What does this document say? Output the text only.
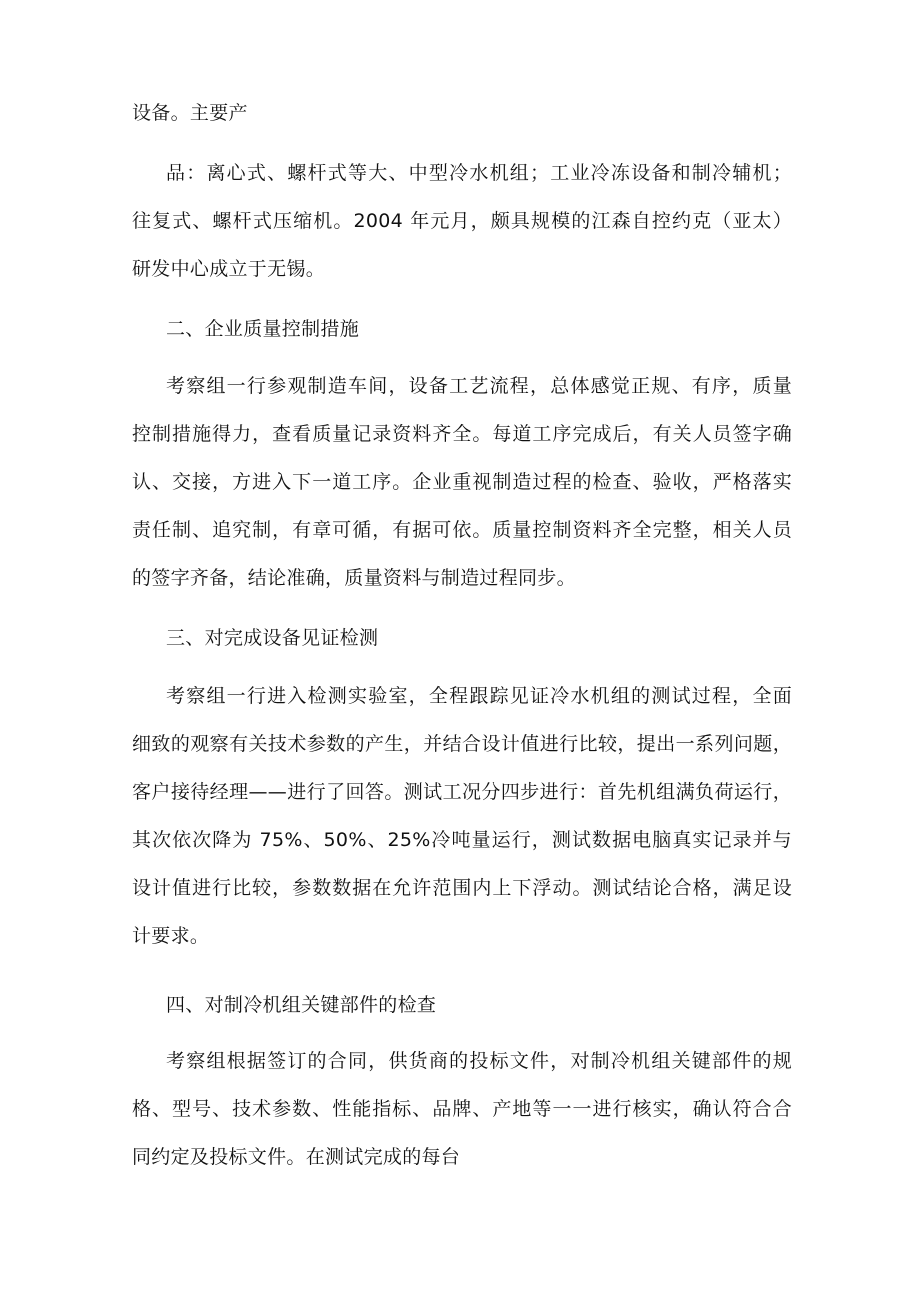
设备。主要产
品：离心式、螺杆式等大、中型冷水机组；工业冷冻设备和制冷辅机；
往复式、螺杆式压缩机。2004 年元月，颇具规模的江森自控约克（亚太）
研发中心成立于无锡。
二、企业质量控制措施
考察组一行参观制造车间，设备工艺流程，总体感觉正规、有序，质量
控制措施得力，查看质量记录资料齐全。每道工序完成后，有关人员签字确
认、交接，方进入下一道工序。企业重视制造过程的检查、验收，严格落实
责任制、追究制，有章可循，有据可依。质量控制资料齐全完整，相关人员
的签字齐备，结论准确，质量资料与制造过程同步。
三、对完成设备见证检测
考察组一行进入检测实验室，全程跟踪见证冷水机组的测试过程，全面
细致的观察有关技术参数的产生，并结合设计值进行比较，提出一系列问题，
客户接待经理——进行了回答。测试工况分四步进行：首先机组满负荷运行，
其次依次降为 75%、50%、25%冷吨量运行，测试数据电脑真实记录并与
设计值进行比较，参数数据在允许范围内上下浮动。测试结论合格，满足设
计要求。
四、对制冷机组关键部件的检查
考察组根据签订的合同，供货商的投标文件，对制冷机组关键部件的规
格、型号、技术参数、性能指标、品牌、产地等一一进行核实，确认符合合
同约定及投标文件。在测试完成的每台
